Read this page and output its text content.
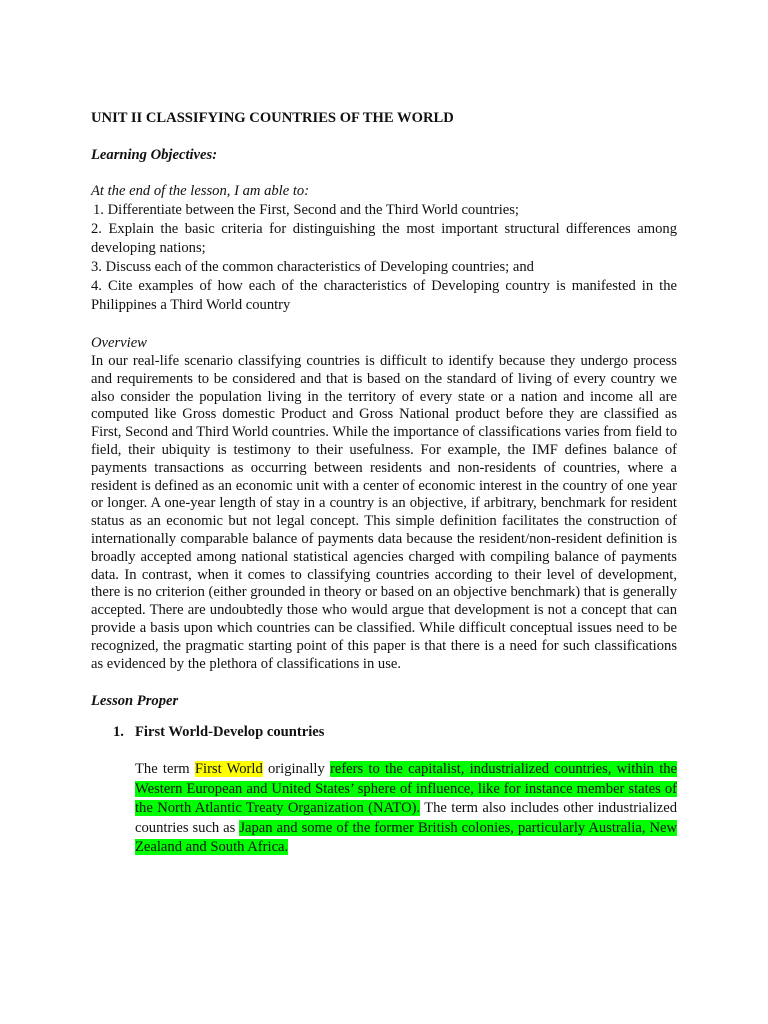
UNIT II CLASSIFYING COUNTRIES OF THE WORLD

Learning Objectives:

At the end of the lesson, I am able to:

1. Differentiate between the First, Second and the Third World countries;

2. Explain the basic criteria for distinguishing the most important structural differences among developing nations;

3. Discuss each of the common characteristics of Developing countries; and

4. Cite examples of how each of the characteristics of Developing country is manifested in the Philippines a Third World country

Overview

In our real-life scenario classifying countries is difficult to identify because they undergo process and requirements to be considered and that is based on the standard of living of every country we also consider the population living in the territory of every state or a nation and income all are computed like Gross domestic Product and Gross National product before they are classified as First, Second and Third World countries. While the importance of classifications varies from field to field, their ubiquity is testimony to their usefulness. For example, the IMF defines balance of payments transactions as occurring between residents and non-residents of countries, where a resident is defined as an economic unit with a center of economic interest in the country of one year or longer. A one-year length of stay in a country is an objective, if arbitrary, benchmark for resident status as an economic but not legal concept. This simple definition facilitates the construction of internationally comparable balance of payments data because the resident/non-resident definition is broadly accepted among national statistical agencies charged with compiling balance of payments data. In contrast, when it comes to classifying countries according to their level of development, there is no criterion (either grounded in theory or based on an objective benchmark) that is generally accepted. There are undoubtedly those who would argue that development is not a concept that can provide a basis upon which countries can be classified. While difficult conceptual issues need to be recognized, the pragmatic starting point of this paper is that there is a need for such classifications as evidenced by the plethora of classifications in use.

Lesson Proper

1. First World-Develop countries

The term First World originally refers to the capitalist, industrialized countries, within the Western European and United States’ sphere of influence, like for instance member states of the North Atlantic Treaty Organization (NATO). The term also includes other industrialized countries such as Japan and some of the former British colonies, particularly Australia, New Zealand and South Africa.
